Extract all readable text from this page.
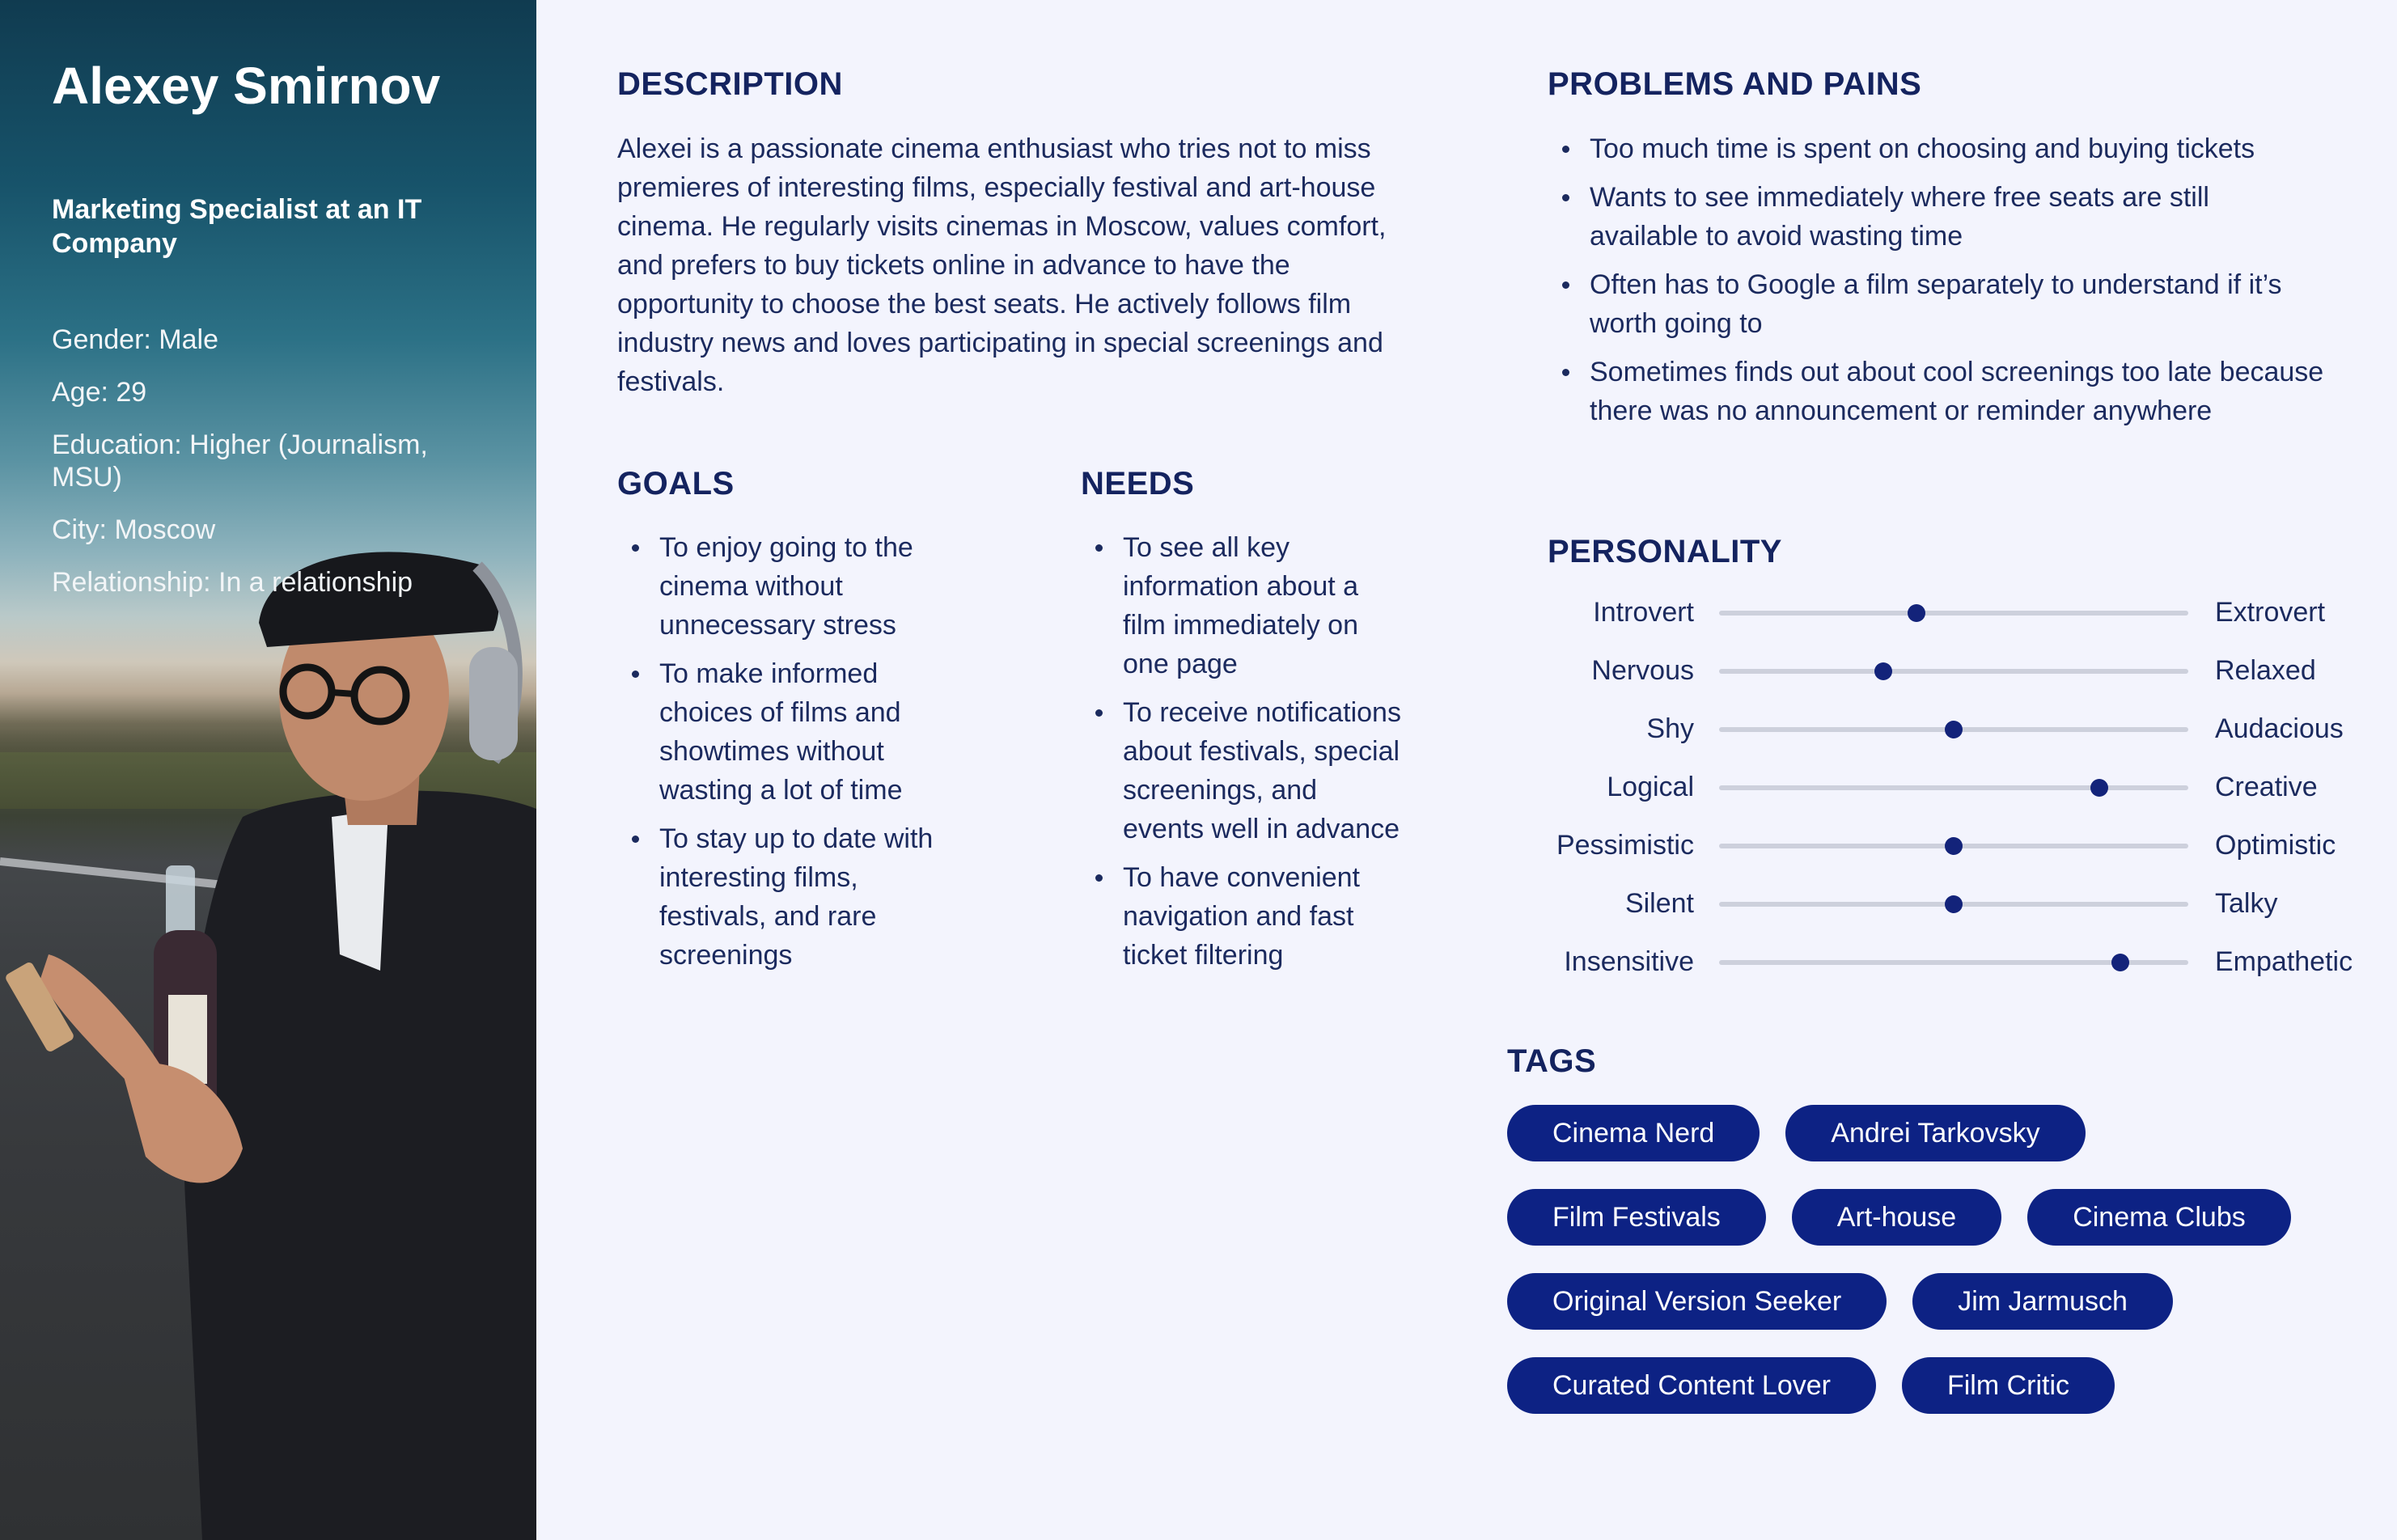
Alexey Smirnov
Marketing Specialist at an IT Company
Gender: Male
Age: 29
Education: Higher (Journalism, MSU)
City: Moscow
Relationship: In a relationship
DESCRIPTION
Alexei is a passionate cinema enthusiast who tries not to miss premieres of interesting films, especially festival and art-house cinema. He regularly visits cinemas in Moscow, values comfort, and prefers to buy tickets online in advance to have the opportunity to choose the best seats. He actively follows film industry news and loves participating in special screenings and festivals.
GOALS
To enjoy going to the cinema without unnecessary stress
To make informed choices of films and showtimes without wasting a lot of time
To stay up to date with interesting films, festivals, and rare screenings
NEEDS
To see all key information about a film immediately on one page
To receive notifications about festivals, special screenings, and events well in advance
To have convenient navigation and fast ticket filtering
PROBLEMS AND PAINS
Too much time is spent on choosing and buying tickets
Wants to see immediately where free seats are still available to avoid wasting time
Often has to Google a film separately to understand if it’s worth going to
Sometimes finds out about cool screenings too late because there was no announcement or reminder anywhere
PERSONALITY
Introvert	Extrovert
Nervous	Relaxed
Shy	Audacious
Logical	Creative
Pessimistic	Optimistic
Silent	Talky
Insensitive	Empathetic
TAGS
Cinema Nerd	Andrei Tarkovsky
Film Festivals	Art-house	Cinema Clubs
Original Version Seeker	Jim Jarmusch
Curated Content Lover	Film Critic
